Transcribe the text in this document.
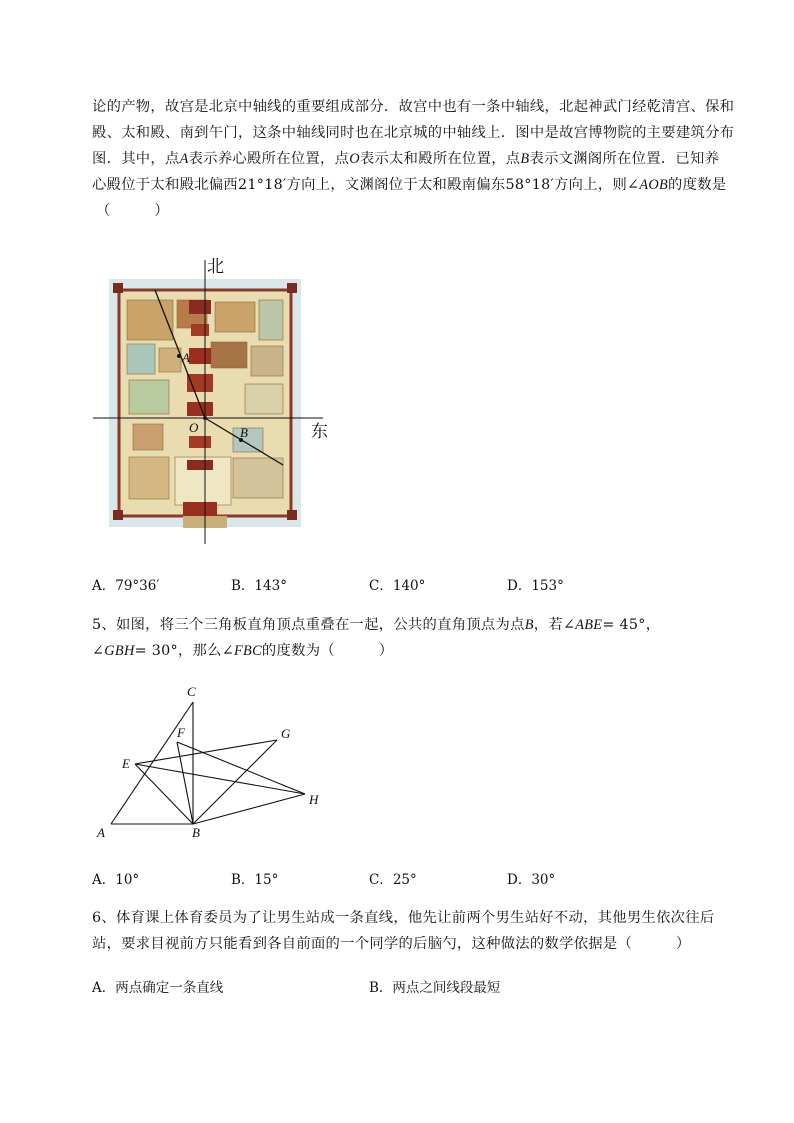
论的产物，故宫是北京中轴线的重要组成部分．故宫中也有一条中轴线，北起神武门经乾清宫、保和
殿、太和殿、南到午门，这条中轴线同时也在北京城的中轴线上．图中是故宫博物院的主要建筑分布
图．其中，点A表示养心殿所在位置，点O表示太和殿所在位置，点B表示文渊阁所在位置．已知养
心殿位于太和殿北偏西21°18′方向上，文渊阁位于太和殿南偏东58°18′方向上，则∠AOB的度数是
（　　　）
北
东
A
O	B
A．79°36′	B．143°	C．140°	D．153°
5、如图，将三个三角板直角顶点重叠在一起，公共的直角顶点为点B，若∠ABE= 45°，
∠GBH= 30°，那么∠FBC的度数为（　　　）
C
F	G
E
H
A	B
A．10°	B．15°	C．25°	D．30°
6、体育课上体育委员为了让男生站成一条直线，他先让前两个男生站好不动，其他男生依次往后
站，要求目视前方只能看到各自前面的一个同学的后脑勺，这种做法的数学依据是（　　　）
A．两点确定一条直线	B．两点之间线段最短
